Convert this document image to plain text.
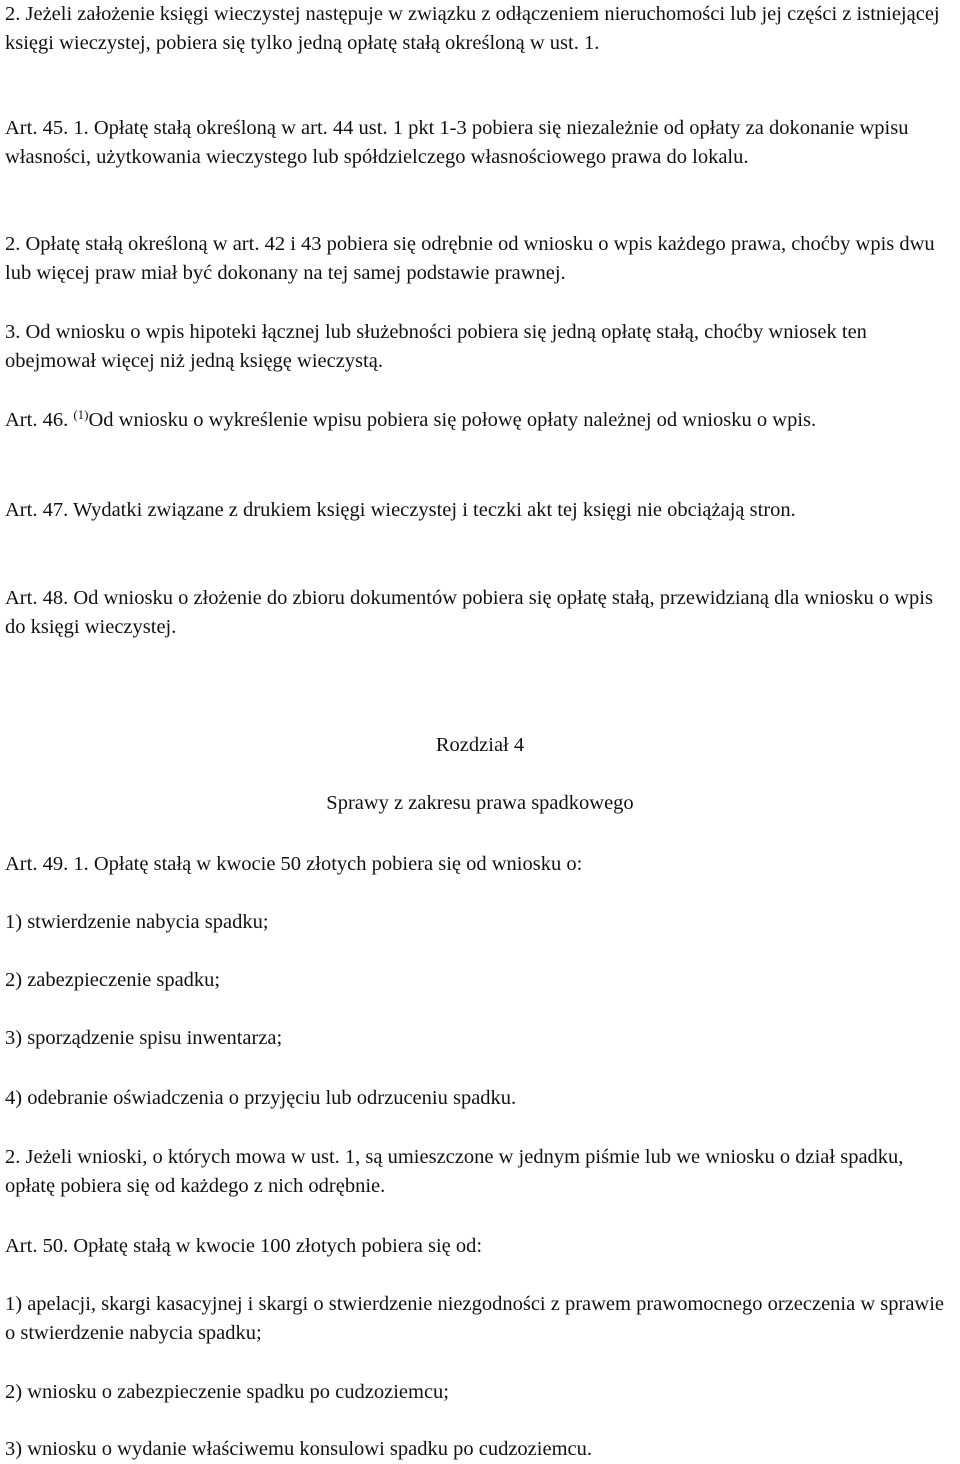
2. Jeżeli założenie księgi wieczystej następuje w związku z odłączeniem nieruchomości lub jej części z istniejącej księgi wieczystej, pobiera się tylko jedną opłatę stałą określoną w ust. 1.

Art. 45. 1. Opłatę stałą określoną w art. 44 ust. 1 pkt 1-3 pobiera się niezależnie od opłaty za dokonanie wpisu własności, użytkowania wieczystego lub spółdzielczego własnościowego prawa do lokalu.

2. Opłatę stałą określoną w art. 42 i 43 pobiera się odrębnie od wniosku o wpis każdego prawa, choćby wpis dwu lub więcej praw miał być dokonany na tej samej podstawie prawnej.

3. Od wniosku o wpis hipoteki łącznej lub służebności pobiera się jedną opłatę stałą, choćby wniosek ten obejmował więcej niż jedną księgę wieczystą.

Art. 46. $^{(1)}$Od wniosku o wykreślenie wpisu pobiera się połowę opłaty należnej od wniosku o wpis.

Art. 47. Wydatki związane z drukiem księgi wieczystej i teczki akt tej księgi nie obciążają stron.

Art. 48. Od wniosku o złożenie do zbioru dokumentów pobiera się opłatę stałą, przewidzianą dla wniosku o wpis do księgi wieczystej.

Rozdział 4

Sprawy z zakresu prawa spadkowego

Art. 49. 1. Opłatę stałą w kwocie 50 złotych pobiera się od wniosku o:

1) stwierdzenie nabycia spadku;

2) zabezpieczenie spadku;

3) sporządzenie spisu inwentarza;

4) odebranie oświadczenia o przyjęciu lub odrzuceniu spadku.

2. Jeżeli wnioski, o których mowa w ust. 1, są umieszczone w jednym piśmie lub we wniosku o dział spadku, opłatę pobiera się od każdego z nich odrębnie.

Art. 50. Opłatę stałą w kwocie 100 złotych pobiera się od:

1) apelacji, skargi kasacyjnej i skargi o stwierdzenie niezgodności z prawem prawomocnego orzeczenia w sprawie o stwierdzenie nabycia spadku;

2) wniosku o zabezpieczenie spadku po cudzoziemcu;

3) wniosku o wydanie właściwemu konsulowi spadku po cudzoziemcu.
